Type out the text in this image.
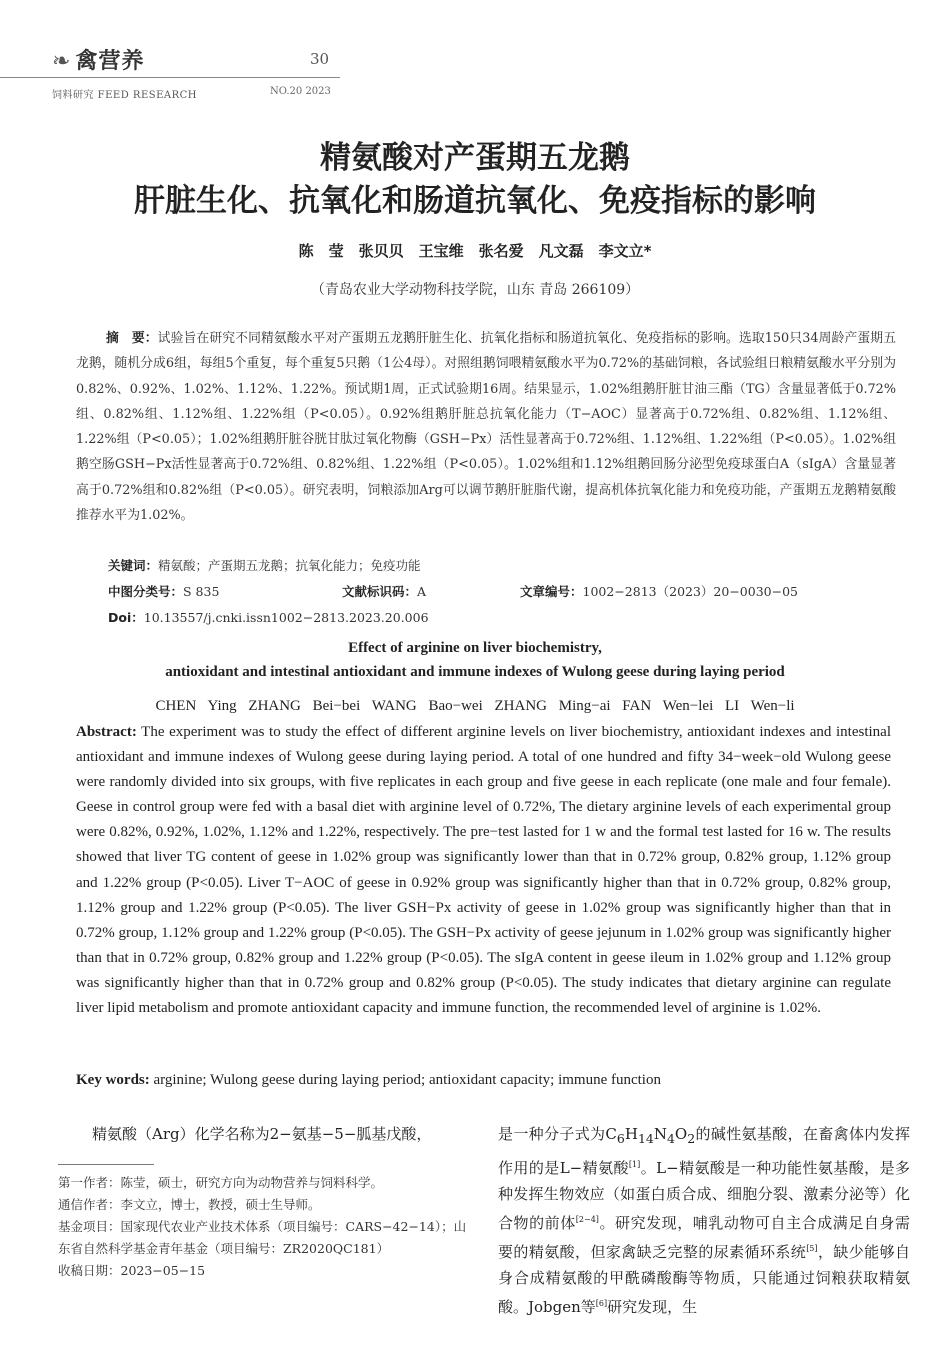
❧ 禽营养	30
饲料研究 FEED RESEARCH	NO.20 2023
精氨酸对产蛋期五龙鹅
肝脏生化、抗氧化和肠道抗氧化、免疫指标的影响
陈　莹　张贝贝　王宝维　张名爱　凡文磊　李文立*
（青岛农业大学动物科技学院，山东 青岛 266109）
摘　要：试验旨在研究不同精氨酸水平对产蛋期五龙鹅肝脏生化、抗氧化指标和肠道抗氧化、免疫指标的影响。选取150只34周龄产蛋期五龙鹅，随机分成6组，每组5个重复，每个重复5只鹅（1公4母）。对照组鹅饲喂精氨酸水平为0.72%的基础饲粮，各试验组日粮精氨酸水平分别为0.82%、0.92%、1.02%、1.12%、1.22%。预试期1周，正式试验期16周。结果显示，1.02%组鹅肝脏甘油三酯（TG）含量显著低于0.72%组、0.82%组、1.12%组、1.22%组（P<0.05）。0.92%组鹅肝脏总抗氧化能力（T−AOC）显著高于0.72%组、0.82%组、1.12%组、1.22%组（P<0.05）；1.02%组鹅肝脏谷胱甘肽过氧化物酶（GSH−Px）活性显著高于0.72%组、1.12%组、1.22%组（P<0.05）。1.02%组鹅空肠GSH−Px活性显著高于0.72%组、0.82%组、1.22%组（P<0.05）。1.02%组和1.12%组鹅回肠分泌型免疫球蛋白A（sIgA）含量显著高于0.72%组和0.82%组（P<0.05）。研究表明，饲粮添加Arg可以调节鹅肝脏脂代谢，提高机体抗氧化能力和免疫功能，产蛋期五龙鹅精氨酸推荐水平为1.02%。
关键词：精氨酸；产蛋期五龙鹅；抗氧化能力；免疫功能
中图分类号：S 835	文献标识码：A	文章编号：1002−2813（2023）20−0030−05
Doi：10.13557/j.cnki.issn1002−2813.2023.20.006
Effect of arginine on liver biochemistry,
antioxidant and intestinal antioxidant and immune indexes of Wulong geese during laying period
CHEN Ying ZHANG Bei−bei WANG Bao−wei ZHANG Ming−ai FAN Wen−lei LI Wen−li
Abstract: The experiment was to study the effect of different arginine levels on liver biochemistry, antioxidant indexes and intestinal antioxidant and immune indexes of Wulong geese during laying period. A total of one hundred and fifty 34−week−old Wulong geese were randomly divided into six groups, with five replicates in each group and five geese in each replicate (one male and four female). Geese in control group were fed with a basal diet with arginine level of 0.72%, The dietary arginine levels of each experimental group were 0.82%, 0.92%, 1.02%, 1.12% and 1.22%, respectively. The pre−test lasted for 1 w and the formal test lasted for 16 w. The results showed that liver TG content of geese in 1.02% group was significantly lower than that in 0.72% group, 0.82% group, 1.12% group and 1.22% group (P<0.05). Liver T−AOC of geese in 0.92% group was significantly higher than that in 0.72% group, 0.82% group, 1.12% group and 1.22% group (P<0.05). The liver GSH−Px activity of geese in 1.02% group was significantly higher than that in 0.72% group, 1.12% group and 1.22% group (P<0.05). The GSH−Px activity of geese jejunum in 1.02% group was significantly higher than that in 0.72% group, 0.82% group and 1.22% group (P<0.05). The sIgA content in geese ileum in 1.02% group and 1.12% group was significantly higher than that in 0.72% group and 0.82% group (P<0.05). The study indicates that dietary arginine can regulate liver lipid metabolism and promote antioxidant capacity and immune function, the recommended level of arginine is 1.02%.
Key words: arginine; Wulong geese during laying period; antioxidant capacity; immune function
精氨酸（Arg）化学名称为2−氨基−5−胍基戊酸，

第一作者：陈莹，硕士，研究方向为动物营养与饲料科学。

通信作者：李文立，博士，教授，硕士生导师。

基金项目：国家现代农业产业技术体系（项目编号：CARS−42−14）；山东省自然科学基金青年基金（项目编号：ZR2020QC181）

收稿日期：2023−05−15

是一种分子式为$C_6H_{14}N_4O_2$的碱性氨基酸，在畜禽体内发挥作用的是L−精氨酸[1]。L−精氨酸是一种功能性氨基酸，是多种发挥生物效应（如蛋白质合成、细胞分裂、激素分泌等）化合物的前体[2−4]。研究发现，哺乳动物可自主合成满足自身需要的精氨酸，但家禽缺乏完整的尿素循环系统[5]，缺少能够自身合成精氨酸的甲酰磷酸酶等物质，只能通过饲粮获取精氨酸。Jobgen等[6]研究发现，生
